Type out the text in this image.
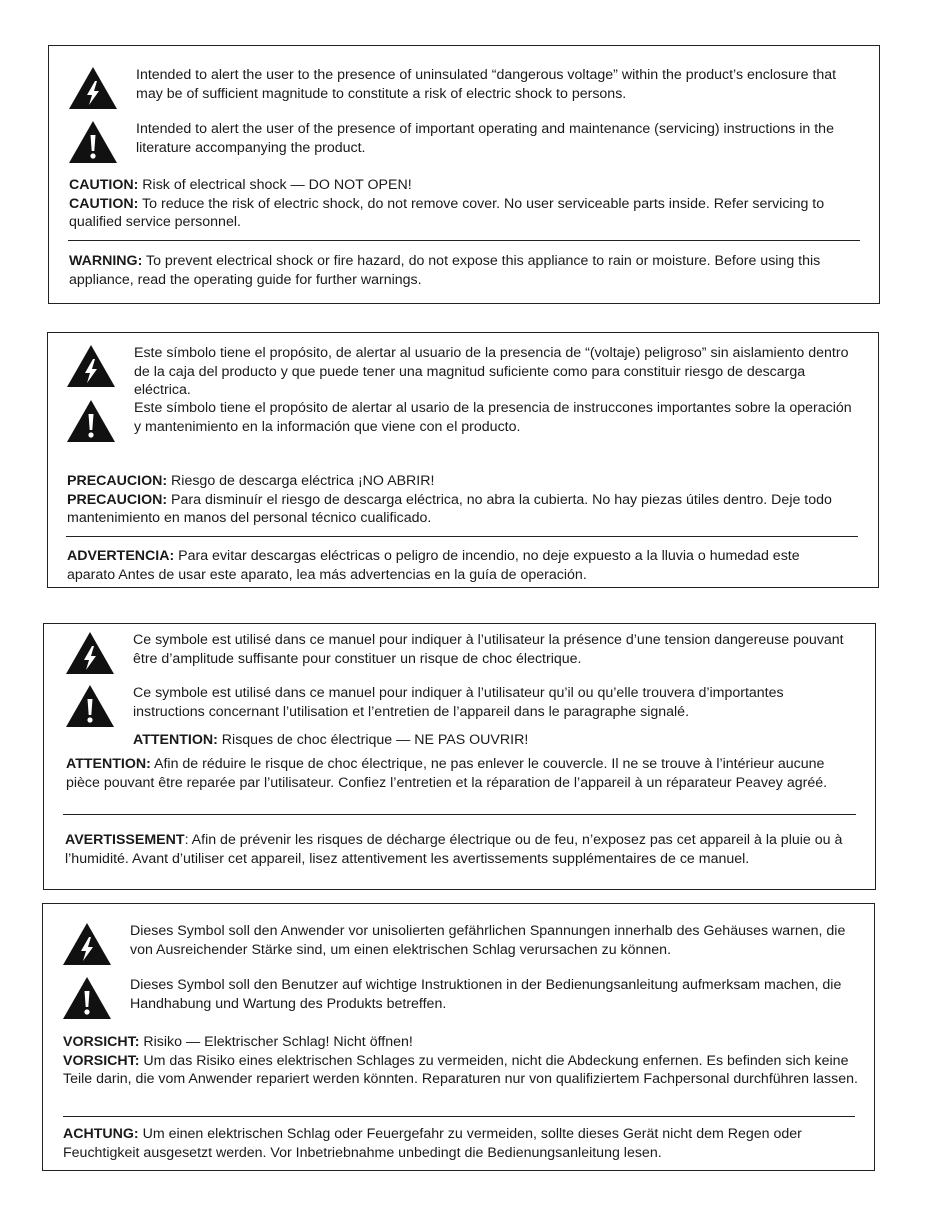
Intended to alert the user to the presence of uninsulated “dangerous voltage” within the product’s enclosure that may be of sufficient magnitude to constitute a risk of electric shock to persons.
Intended to alert the user of the presence of important operating and maintenance (servicing) instructions in the literature accompanying the product.
CAUTION: Risk of electrical shock — DO NOT OPEN!
CAUTION: To reduce the risk of electric shock, do not remove cover. No user serviceable parts inside. Refer servicing to qualified service personnel.
WARNING: To prevent electrical shock or fire hazard, do not expose this appliance to rain or moisture. Before using this appliance, read the operating guide for further warnings.
Este símbolo tiene el propósito, de alertar al usuario de la presencia de “(voltaje) peligroso” sin aislamiento dentro de la caja del producto y que puede tener una magnitud suficiente como para constituir riesgo de descarga eléctrica.
Este símbolo tiene el propósito de alertar al usario de la presencia de instruccones importantes sobre la operación y mantenimiento en la información que viene con el producto.
PRECAUCION: Riesgo de descarga eléctrica ¡NO ABRIR!
PRECAUCION: Para disminuír el riesgo de descarga eléctrica, no abra la cubierta. No hay piezas útiles dentro. Deje todo mantenimiento en manos del personal técnico cualificado.
ADVERTENCIA: Para evitar descargas eléctricas o peligro de incendio, no deje expuesto a la lluvia o humedad este aparato Antes de usar este aparato, lea más advertencias en la guía de operación.
Ce symbole est utilisé dans ce manuel pour indiquer à l’utilisateur la présence d’une tension dangereuse pouvant être d’amplitude suffisante pour constituer un risque de choc électrique.
Ce symbole est utilisé dans ce manuel pour indiquer à l’utilisateur qu’il ou qu’elle trouvera d’importantes instructions concernant l’utilisation et l’entretien de l’appareil dans le paragraphe signalé.
ATTENTION: Risques de choc électrique — NE PAS OUVRIR!
ATTENTION: Afin de réduire le risque de choc électrique, ne pas enlever le couvercle. Il ne se trouve à l’intérieur aucune pièce pouvant être reparée par l’utilisateur. Confiez l’entretien et la réparation de l’appareil à un réparateur Peavey agréé.
AVERTISSEMENT: Afin de prévenir les risques de décharge électrique ou de feu, n’exposez pas cet appareil à la pluie ou à l’humidité. Avant d’utiliser cet appareil, lisez attentivement les avertissements supplémentaires de ce manuel.
Dieses Symbol soll den Anwender vor unisolierten gefährlichen Spannungen innerhalb des Gehäuses warnen, die von Ausreichender Stärke sind, um einen elektrischen Schlag verursachen zu können.
Dieses Symbol soll den Benutzer auf wichtige Instruktionen in der Bedienungsanleitung aufmerksam machen, die Handhabung und Wartung des Produkts betreffen.
VORSICHT: Risiko — Elektrischer Schlag! Nicht öffnen!
VORSICHT: Um das Risiko eines elektrischen Schlages zu vermeiden, nicht die Abdeckung enfernen. Es befinden sich keine Teile darin, die vom Anwender repariert werden könnten. Reparaturen nur von qualifiziertem Fachpersonal durchführen lassen.
ACHTUNG: Um einen elektrischen Schlag oder Feuergefahr zu vermeiden, sollte dieses Gerät nicht dem Regen oder Feuchtigkeit ausgesetzt werden. Vor Inbetriebnahme unbedingt die Bedienungsanleitung lesen.
